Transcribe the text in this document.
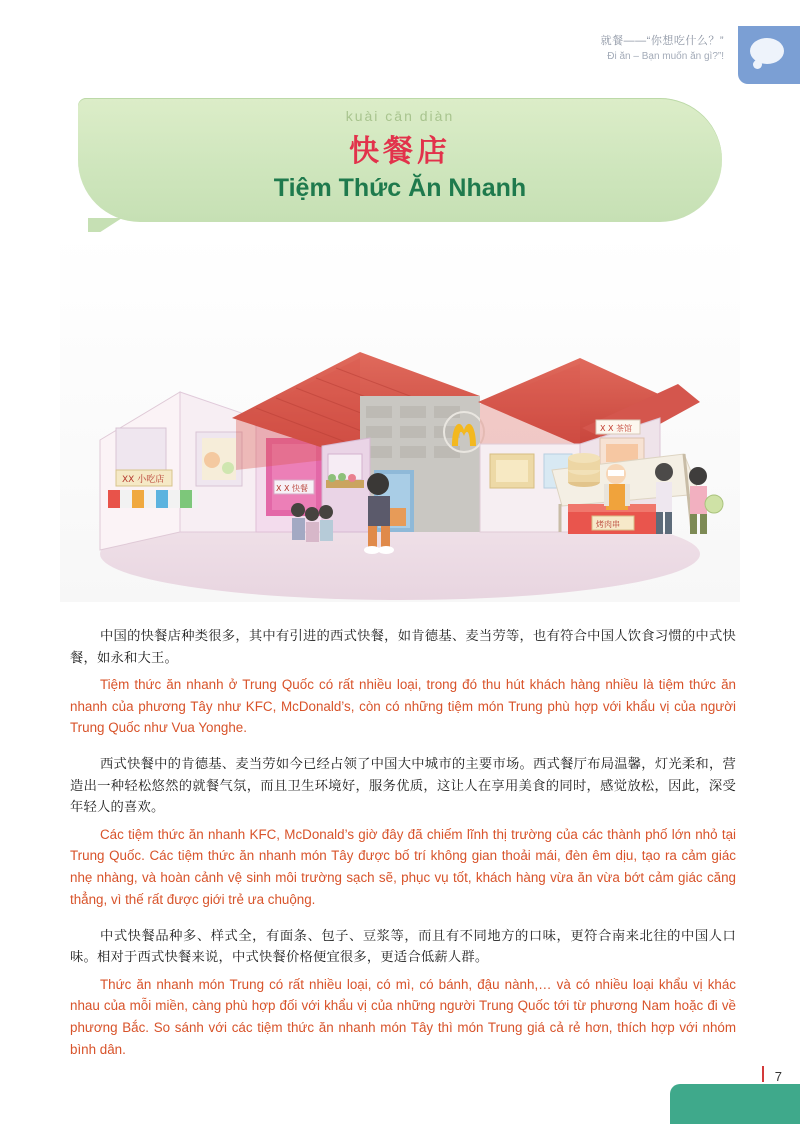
就餐——“你想吃什么？”
Đi ăn – Bạn muốn ăn gì?”!
kuài cān diàn
快餐店
Tiệm Thức Ăn Nhanh
XX 小吃店
X X 快餐
X X 茶馆
烤肉串

中国的快餐店种类很多，其中有引进的西式快餐，如肯德基、麦当劳等，也有符合中国人饮食习惯的中式快餐，如永和大王。

Tiệm thức ăn nhanh ở Trung Quốc có rất nhiều loại, trong đó thu hút khách hàng nhiều là tiệm thức ăn nhanh của phương Tây như KFC, McDonald’s, còn có những tiệm món Trung phù hợp với khẩu vị của người Trung Quốc như Vua Yonghe.

西式快餐中的肯德基、麦当劳如今已经占领了中国大中城市的主要市场。西式餐厅布局温馨，灯光柔和，营造出一种轻松悠然的就餐气氛，而且卫生环境好，服务优质，这让人在享用美食的同时，感觉放松，因此，深受年轻人的喜欢。

Các tiệm thức ăn nhanh KFC, McDonald’s giờ đây đã chiếm lĩnh thị trường của các thành phố lớn nhỏ tại Trung Quốc. Các tiệm thức ăn nhanh món Tây được bố trí không gian thoải mái, đèn êm dịu, tạo ra cảm giác nhẹ nhàng, và hoàn cảnh vệ sinh môi trường sạch sẽ, phục vụ tốt, khách hàng vừa ăn vừa bớt cảm giác căng thẳng, vì thế rất được giới trẻ ưa chuộng.

中式快餐品种多、样式全，有面条、包子、豆浆等，而且有不同地方的口味，更符合南来北往的中国人口味。相对于西式快餐来说，中式快餐价格便宜很多，更适合低薪人群。

Thức ăn nhanh món Trung có rất nhiều loại, có mì, có bánh, đậu nành,… và có nhiều loại khẩu vị khác nhau của mỗi miền, càng phù hợp đối với khẩu vị của những người Trung Quốc tới từ phương Nam hoặc đi về phương Bắc. So sánh với các tiệm thức ăn nhanh món Tây thì món Trung giá cả rẻ hơn, thích hợp với nhóm bình dân.

7
